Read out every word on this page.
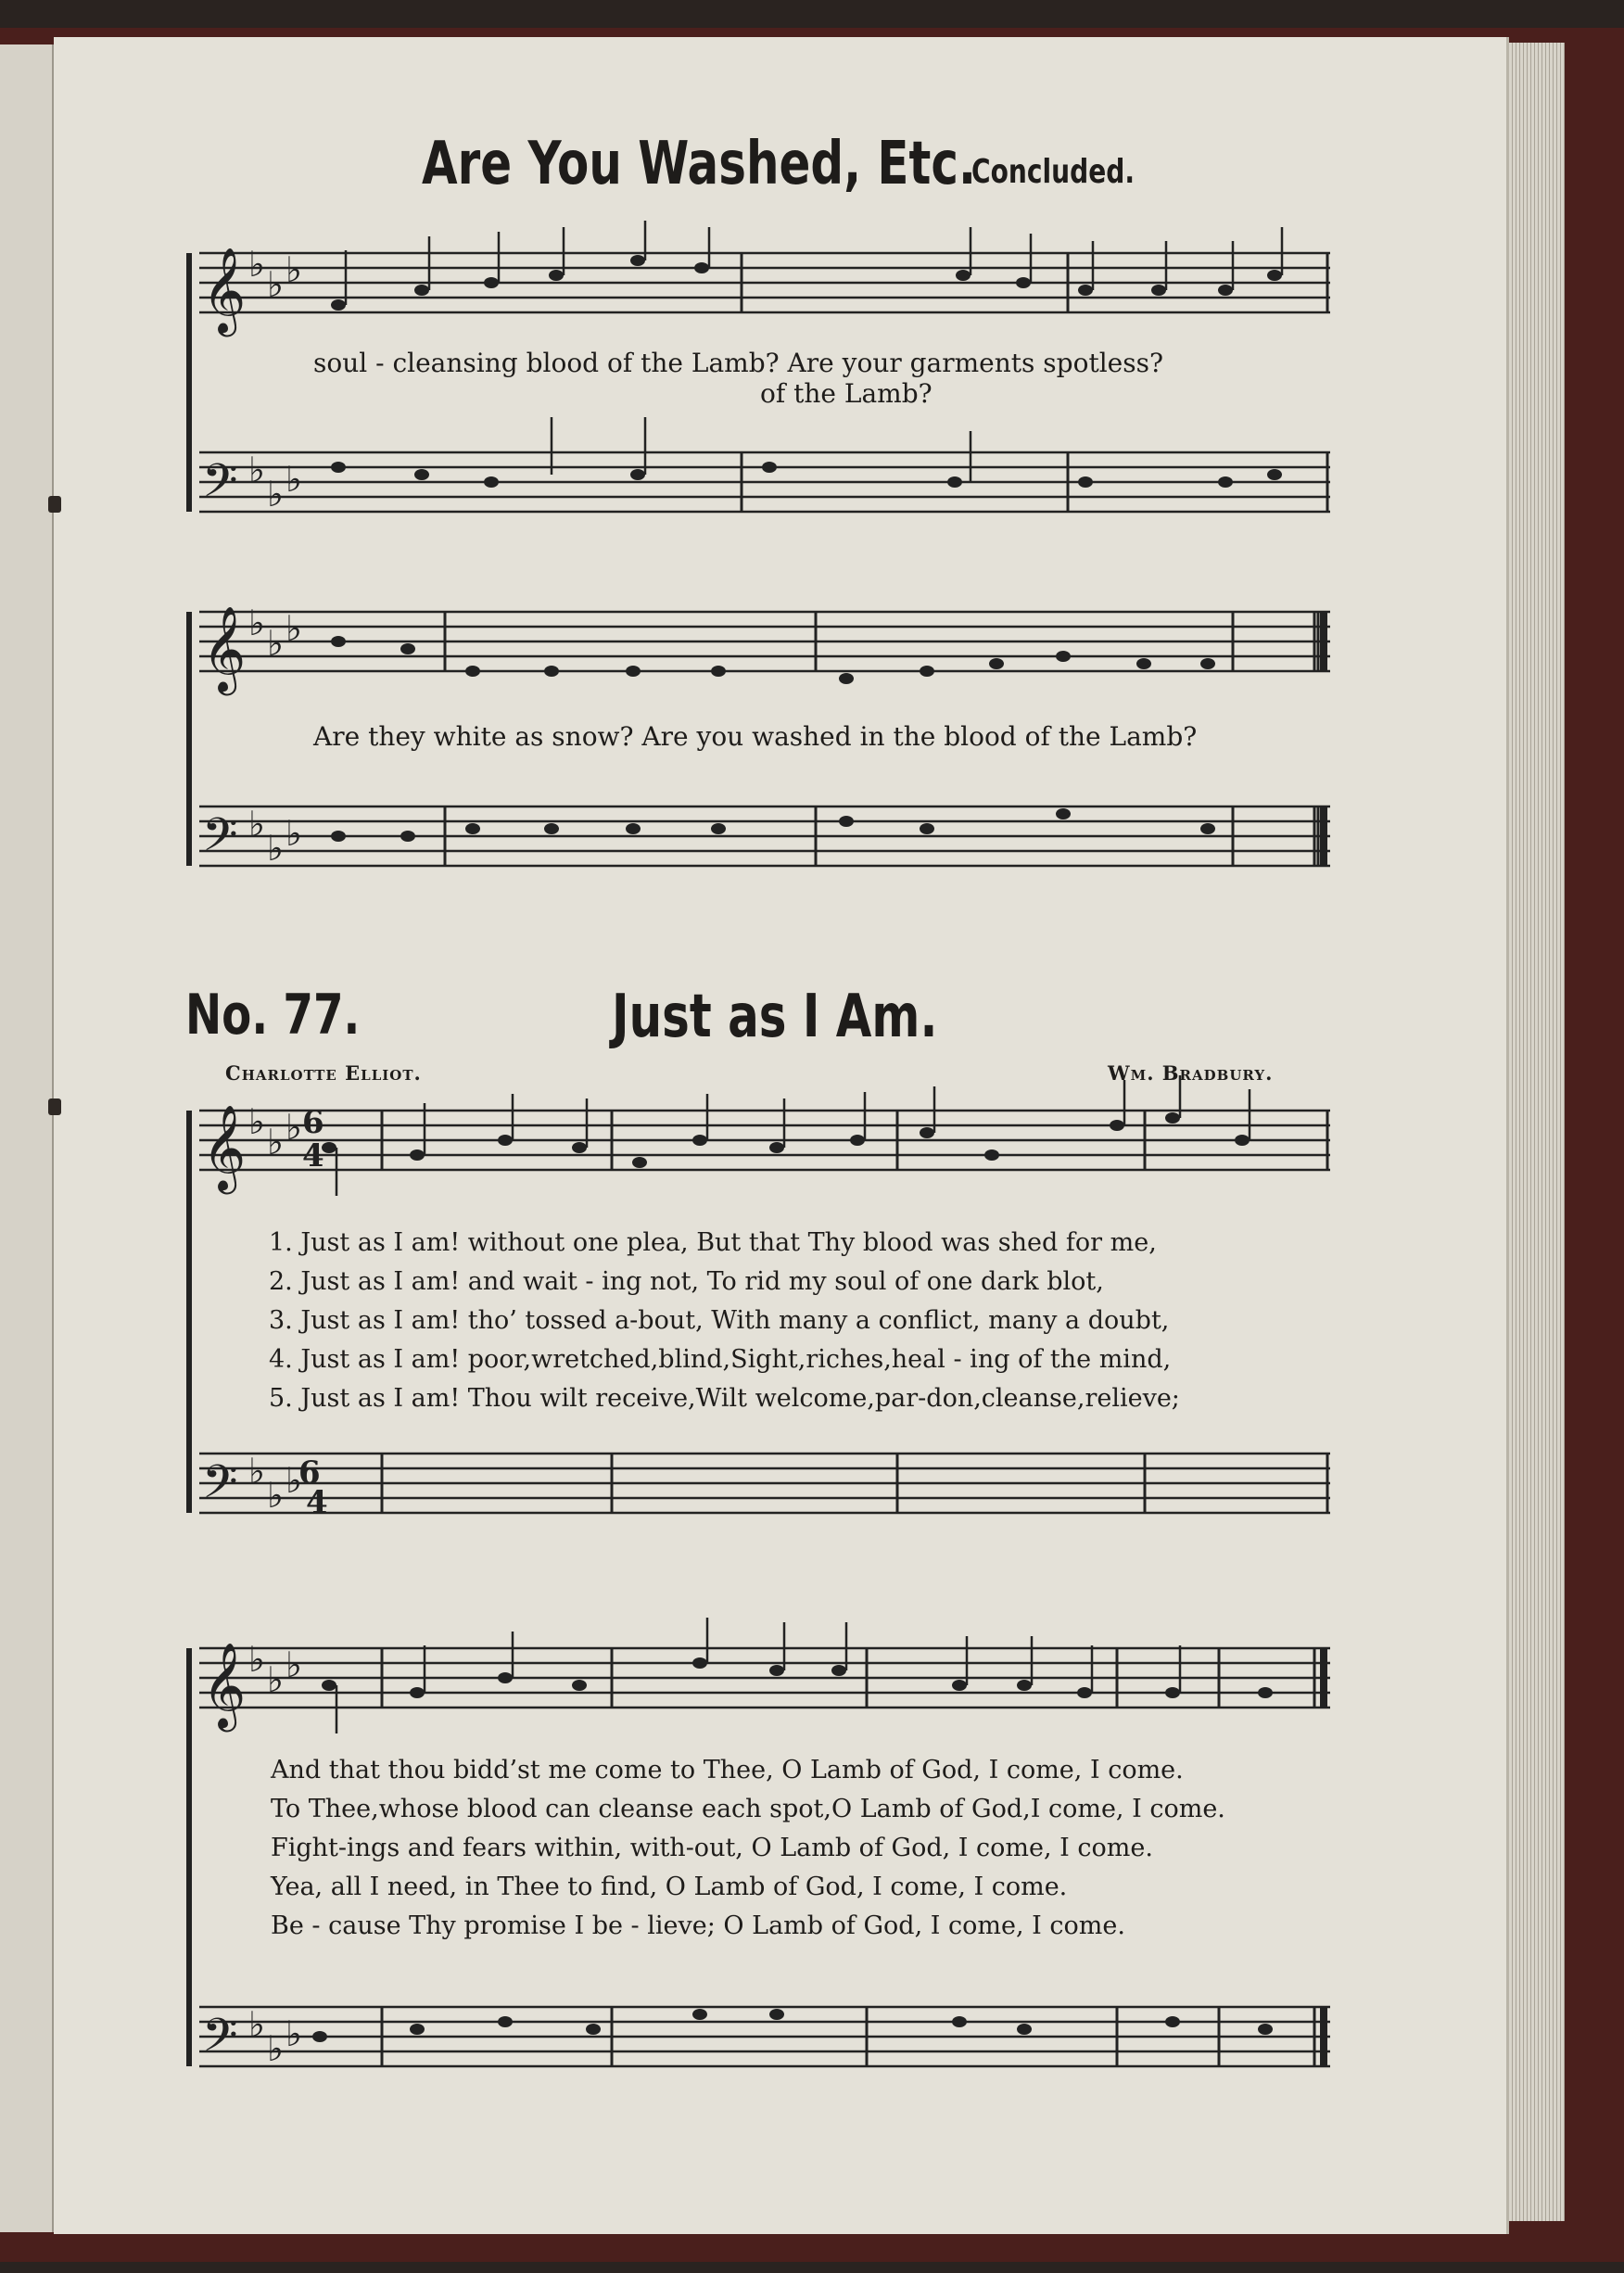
Are You Washed, Etc.
Concluded.
𝄞
𝄢
𝄞
𝄢
𝄞
𝄢
𝄞
𝄢
♭ ♭ ♭
♭
♭ ♭
♭ ♭ ♭
♭
♭ ♭
♭ ♭ ♭
♭
♭ ♭
♭ ♭ ♭
♭
♭ ♭
6
4
6
4
soul - cleansing blood of the Lamb? Are your garments spotless?
of the Lamb?
Are they white as snow? Are you washed in the blood of the Lamb?
No. 77.	Just as I Am.
Charlotte Elliot.	Wm. Bradbury.
1. Just as I am! without one plea, But that Thy blood was shed for me,
2. Just as I am! and wait - ing not, To rid my soul of one dark blot,
3. Just as I am! tho’ tossed a-bout, With many a conflict, many a doubt,
4. Just as I am! poor,wretched,blind,Sight,riches,heal - ing of the mind,
5. Just as I am! Thou wilt receive,Wilt welcome,par-don,cleanse,relieve;
And that thou bidd’st me come to Thee, O Lamb of God, I come, I come.
To Thee,whose blood can cleanse each spot,O Lamb of God,I come, I come.
Fight-ings and fears within, with-out, O Lamb of God, I come, I come.
Yea, all I need, in Thee to find, O Lamb of God, I come, I come.
Be - cause Thy promise I be - lieve; O Lamb of God, I come, I come.
